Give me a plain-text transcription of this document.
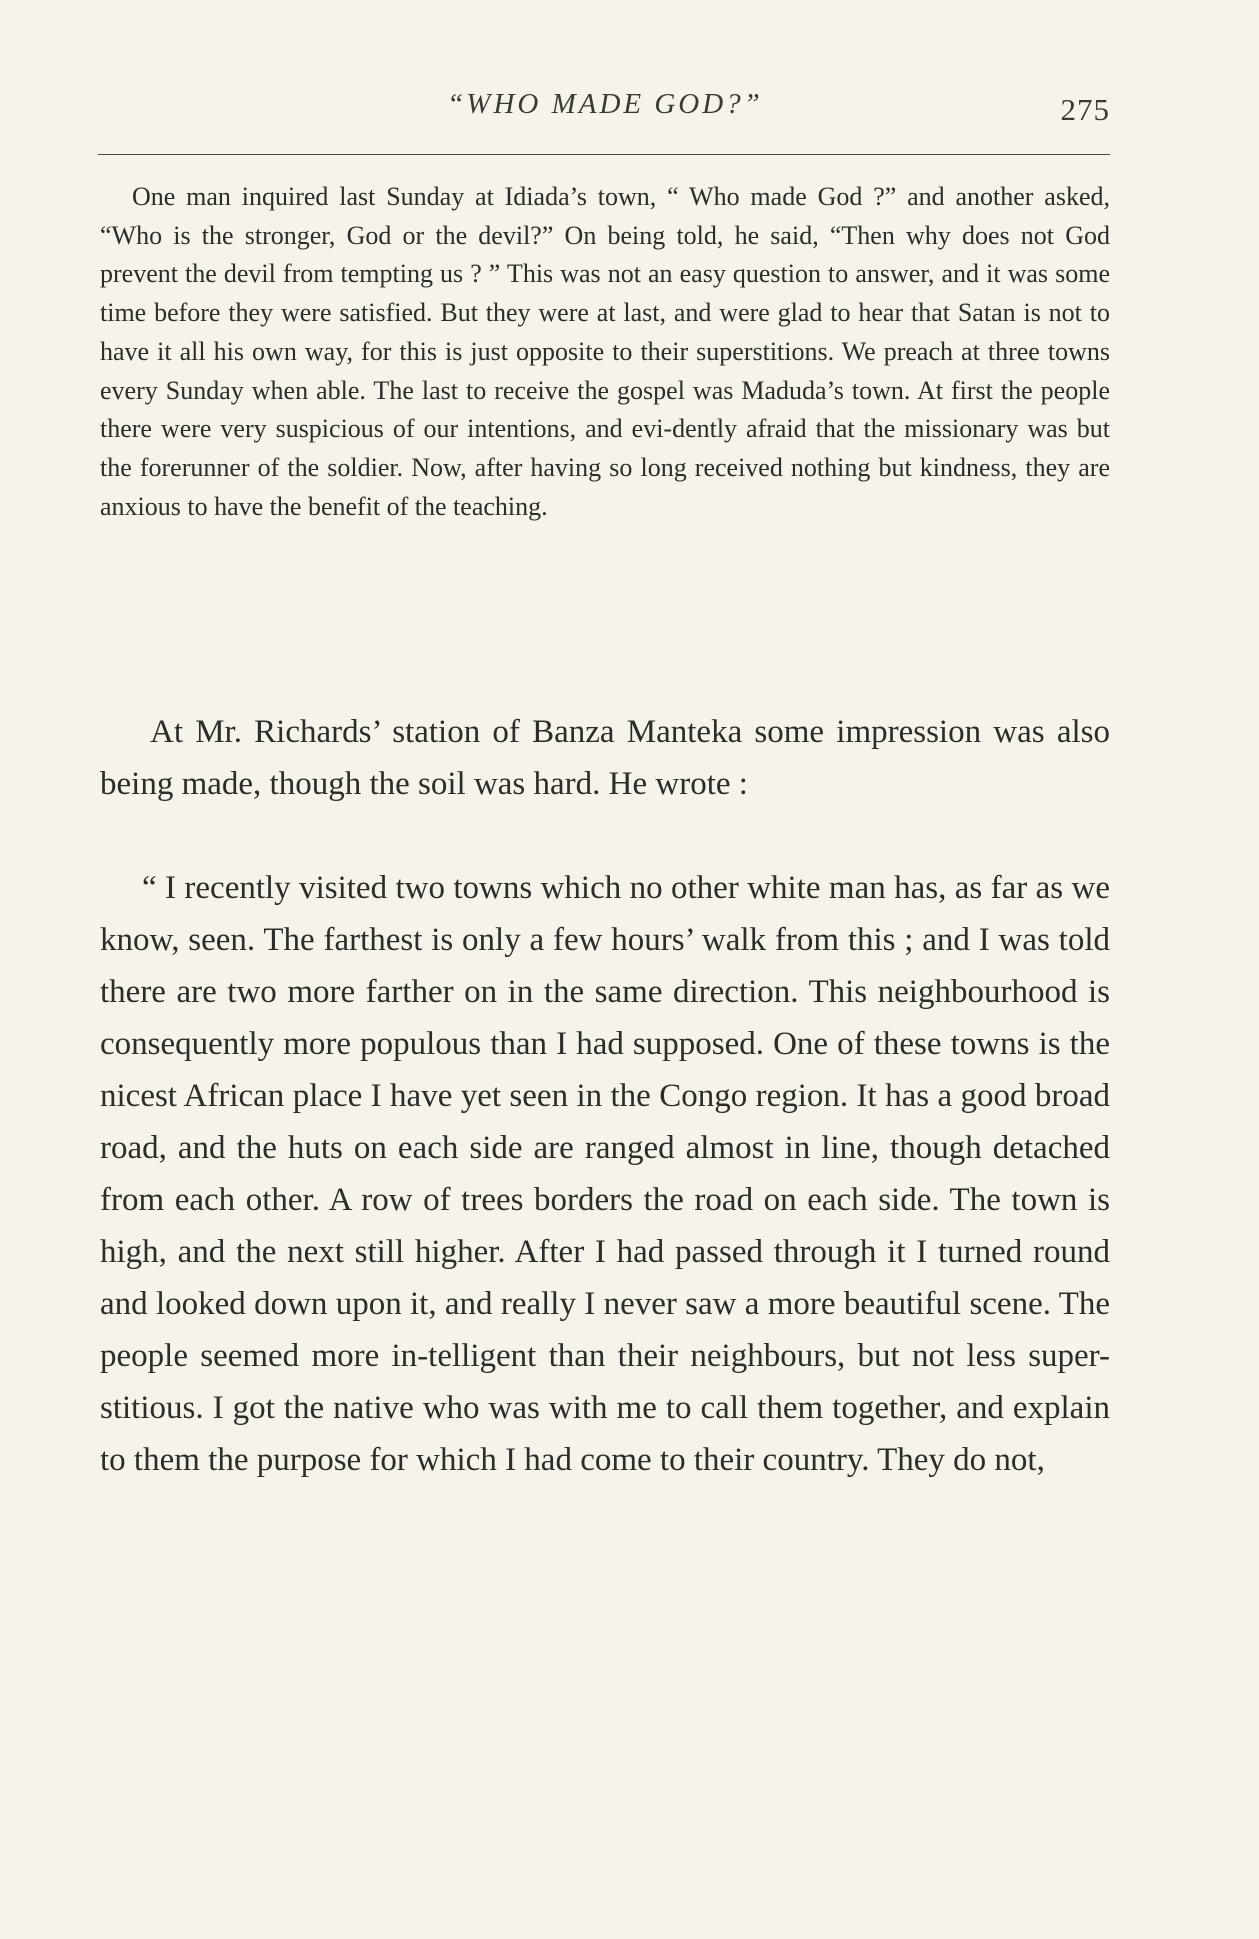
“WHO MADE GOD?”	275

One man inquired last Sunday at Idiada’s town, “ Who made God ?” and another asked, “Who is the stronger, God or the devil?” On being told, he said, “Then why does not God prevent the devil from tempting us ? ” This was not an easy question to answer, and it was some time before they were satisfied. But they were at last, and were glad to hear that Satan is not to have it all his own way, for this is just opposite to their superstitions. We preach at three towns every Sunday when able. The last to receive the gospel was Maduda’s town. At first the people there were very suspicious of our intentions, and evi-dently afraid that the missionary was but the forerunner of the soldier. Now, after having so long received nothing but kindness, they are anxious to have the benefit of the teaching.

At Mr. Richards’ station of Banza Manteka some impression was also being made, though the soil was hard. He wrote :

“ I recently visited two towns which no other white man has, as far as we know, seen. The farthest is only a few hours’ walk from this ; and I was told there are two more farther on in the same direction. This neighbourhood is consequently more populous than I had supposed. One of these towns is the nicest African place I have yet seen in the Congo region. It has a good broad road, and the huts on each side are ranged almost in line, though detached from each other. A row of trees borders the road on each side. The town is high, and the next still higher. After I had passed through it I turned round and looked down upon it, and really I never saw a more beautiful scene. The people seemed more in-telligent than their neighbours, but not less super-stitious. I got the native who was with me to call them together, and explain to them the purpose for which I had come to their country. They do not,
